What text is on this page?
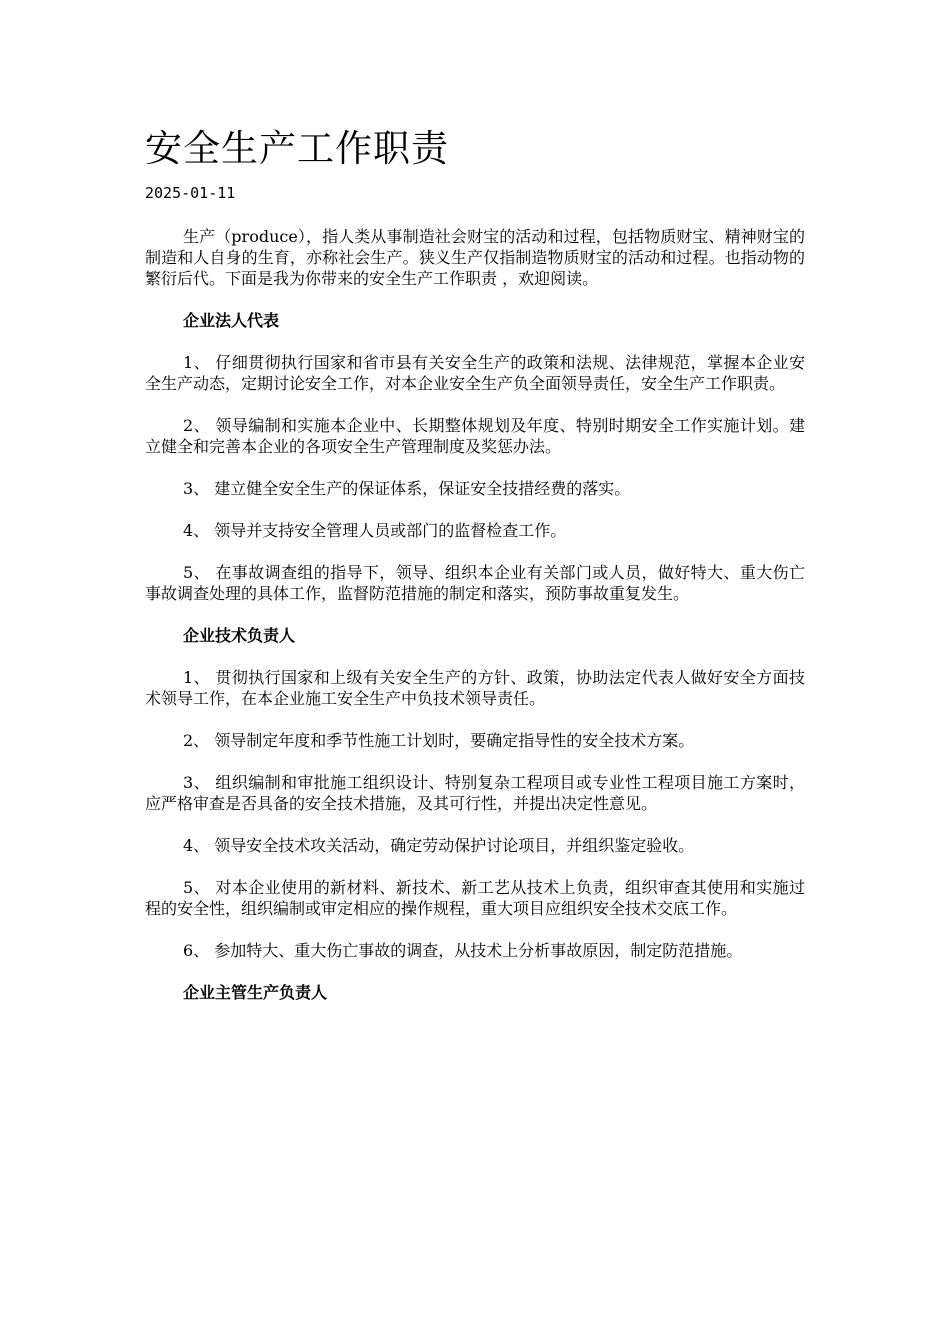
安全生产工作职责
2025-01-11

生产（produce），指人类从事制造社会财宝的活动和过程，包括物质财宝、精神财宝的制造和人自身的生育，亦称社会生产。狭义生产仅指制造物质财宝的活动和过程。也指动物的繁衍后代。下面是我为你带来的安全生产工作职责 ，欢迎阅读。

企业法人代表

1、 仔细贯彻执行国家和省市县有关安全生产的政策和法规、法律规范，掌握本企业安全生产动态，定期讨论安全工作，对本企业安全生产负全面领导责任，安全生产工作职责。

2、 领导编制和实施本企业中、长期整体规划及年度、特别时期安全工作实施计划。建立健全和完善本企业的各项安全生产管理制度及奖惩办法。

3、 建立健全安全生产的保证体系，保证安全技措经费的落实。

4、 领导并支持安全管理人员或部门的监督检查工作。

5、 在事故调查组的指导下，领导、组织本企业有关部门或人员，做好特大、重大伤亡事故调查处理的具体工作，监督防范措施的制定和落实，预防事故重复发生。

企业技术负责人

1、 贯彻执行国家和上级有关安全生产的方针、政策，协助法定代表人做好安全方面技术领导工作，在本企业施工安全生产中负技术领导责任。

2、 领导制定年度和季节性施工计划时，要确定指导性的安全技术方案。

3、 组织编制和审批施工组织设计、特别复杂工程项目或专业性工程项目施工方案时，应严格审查是否具备的安全技术措施，及其可行性，并提出决定性意见。

4、 领导安全技术攻关活动，确定劳动保护讨论项目，并组织鉴定验收。

5、 对本企业使用的新材料、新技术、新工艺从技术上负责，组织审查其使用和实施过程的安全性，组织编制或审定相应的操作规程，重大项目应组织安全技术交底工作。

6、 参加特大、重大伤亡事故的调查，从技术上分析事故原因，制定防范措施。

企业主管生产负责人
